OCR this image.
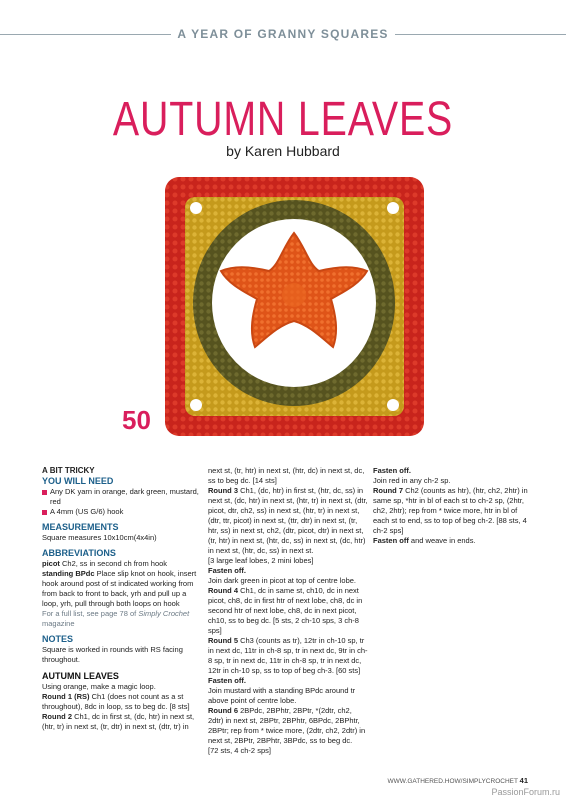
A YEAR OF GRANNY SQUARES
AUTUMN LEAVES
by Karen Hubbard
50
A BIT TRICKY
YOU WILL NEED
Any DK yarn in orange, dark green, mustard, red
A 4mm (US G/6) hook
MEASUREMENTS

Square measures 10x10cm(4x4in)

ABBREVIATIONS

picot Ch2, ss in second ch from hook

standing BPdc Place slip knot on hook, insert hook around post of st indicated working from from back to front to back, yrh and pull up a loop, yrh, pull through both loops on hook

For a full list, see page 78 of Simply Crochet magazine

NOTES

Square is worked in rounds with RS facing throughout.

AUTUMN LEAVES

Using orange, make a magic loop.

Round 1 (RS) Ch1 (does not count as a st throughout), 8dc in loop, ss to beg dc. [8 sts]

Round 2 Ch1, dc in first st, (dc, htr) in next st, (htr, tr) in next st, (tr, dtr) in next st, (dtr, tr) in

next st, (tr, htr) in next st, (htr, dc) in next st, dc, ss to beg dc. [14 sts]

Round 3 Ch1, (dc, htr) in first st, (htr, dc, ss) in next st, (dc, htr) in next st, (htr, tr) in next st, (dtr, picot, dtr, ch2, ss) in next st, (htr, tr) in next st, (dtr, ttr, picot) in next st, (ttr, dtr) in next st, (tr, htr, ss) in next st, ch2, (dtr, picot, dtr) in next st, (tr, htr) in next st, (htr, dc, ss) in next st, (dc, htr) in next st, (htr, dc, ss) in next st.

[3 large leaf lobes, 2 mini lobes]

Fasten off.

Join dark green in picot at top of centre lobe.

Round 4 Ch1, dc in same st, ch10, dc in next picot, ch8, dc in first htr of next lobe, ch8, dc in second htr of next lobe, ch8, dc in next picot, ch10, ss to beg dc. [5 sts, 2 ch-10 sps, 3 ch-8 sps]

Round 5 Ch3 (counts as tr), 12tr in ch-10 sp, tr in next dc, 11tr in ch-8 sp, tr in next dc, 9tr in ch-8 sp, tr in next dc, 11tr in ch-8 sp, tr in next dc, 12tr in ch-10 sp, ss to top of beg ch-3. [60 sts]

Fasten off.

Join mustard with a standing BPdc around tr above point of centre lobe.

Round 6 2BPdc, 2BPhtr, 2BPtr, *(2dtr, ch2, 2dtr) in next st, 2BPtr, 2BPhtr, 6BPdc, 2BPhtr, 2BPtr; rep from * twice more, (2dtr, ch2, 2dtr) in next st, 2BPtr, 2BPhtr, 3BPdc, ss to beg dc.

[72 sts, 4 ch-2 sps]

Fasten off.

Join red in any ch-2 sp.

Round 7 Ch2 (counts as htr), (htr, ch2, 2htr) in same sp, *htr in bl of each st to ch-2 sp, (2htr, ch2, 2htr); rep from * twice more, htr in bl of each st to end, ss to top of beg ch-2. [88 sts, 4 ch-2 sps]

Fasten off and weave in ends.

WWW.GATHERED.HOW/SIMPLYCROCHET 41
PassionForum.ru
